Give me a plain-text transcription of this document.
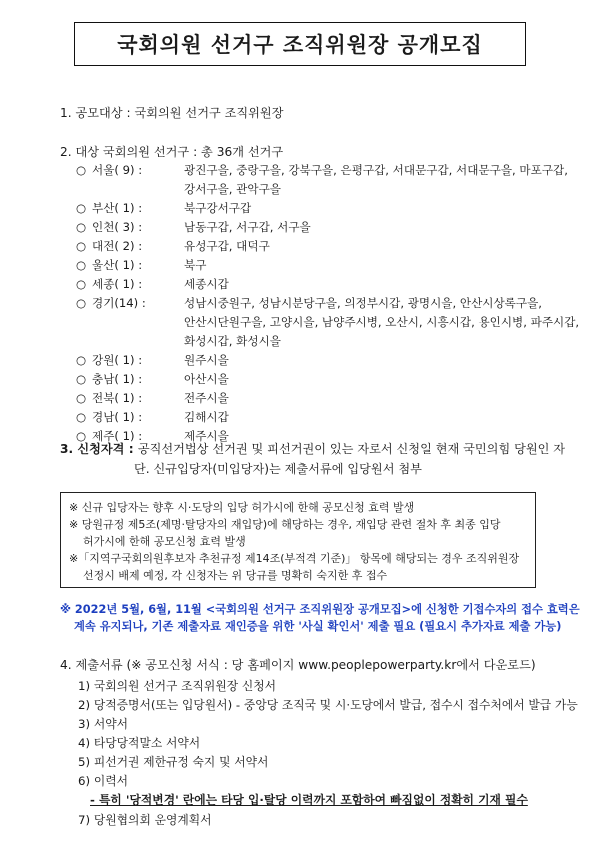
국회의원 선거구 조직위원장 공개모집
1. 공모대상 : 국회의원 선거구 조직위원장
2. 대상 국회의원 선거구 : 총 36개 선거구
○ 서울( 9) :	광진구을, 중랑구을, 강북구을, 은평구갑, 서대문구갑, 서대문구을, 마포구갑,
강서구을, 관악구을
○ 부산( 1) :	북구강서구갑
○ 인천( 3) :	남동구갑, 서구갑, 서구을
○ 대전( 2) :	유성구갑, 대덕구
○ 울산( 1) :	북구
○ 세종( 1) :	세종시갑
○ 경기(14) :	성남시중원구, 성남시분당구을, 의정부시갑, 광명시을, 안산시상록구을,
안산시단원구을, 고양시을, 남양주시병, 오산시, 시흥시갑, 용인시병, 파주시갑,
화성시갑, 화성시을
○ 강원( 1) :	원주시을
○ 충남( 1) :	아산시을
○ 전북( 1) :	전주시을
○ 경남( 1) :	김해시갑
○ 제주( 1) :	제주시을
3. 신청자격 : 공직선거법상 선거권 및 피선거권이 있는 자로서 신청일 현재 국민의힘 당원인 자
단. 신규입당자(미입당자)는 제출서류에 입당원서 첨부
※ 신규 입당자는 향후 시·도당의 입당 허가시에 한해 공모신청 효력 발생
※ 당원규정 제5조(제명·탈당자의 재입당)에 해당하는 경우, 재입당 관련 절차 후 최종 입당
허가시에 한해 공모신청 효력 발생
※「지역구국회의원후보자 추천규정 제14조(부적격 기준)」 항목에 해당되는 경우 조직위원장
선정시 배제 예정, 각 신청자는 위 당규를 명확히 숙지한 후 접수
※ 2022년 5월, 6월, 11월 <국회의원 선거구 조직위원장 공개모집>에 신청한 기접수자의 접수 효력은
계속 유지되나, 기존 제출자료 재인증을 위한 '사실 확인서' 제출 필요 (필요시 추가자료 제출 가능)
4. 제출서류 (※ 공모신청 서식 : 당 홈페이지 www.peoplepowerparty.kr에서 다운로드)
1) 국회의원 선거구 조직위원장 신청서
2) 당적증명서(또는 입당원서) - 중앙당 조직국 및 시·도당에서 발급, 접수시 접수처에서 발급 가능
3) 서약서
4) 타당당적말소 서약서
5) 피선거권 제한규정 숙지 및 서약서
6) 이력서
- 특히 '당적변경' 란에는 타당 입·탈당 이력까지 포함하여 빠짐없이 정확히 기재 필수
7) 당원협의회 운영계획서
